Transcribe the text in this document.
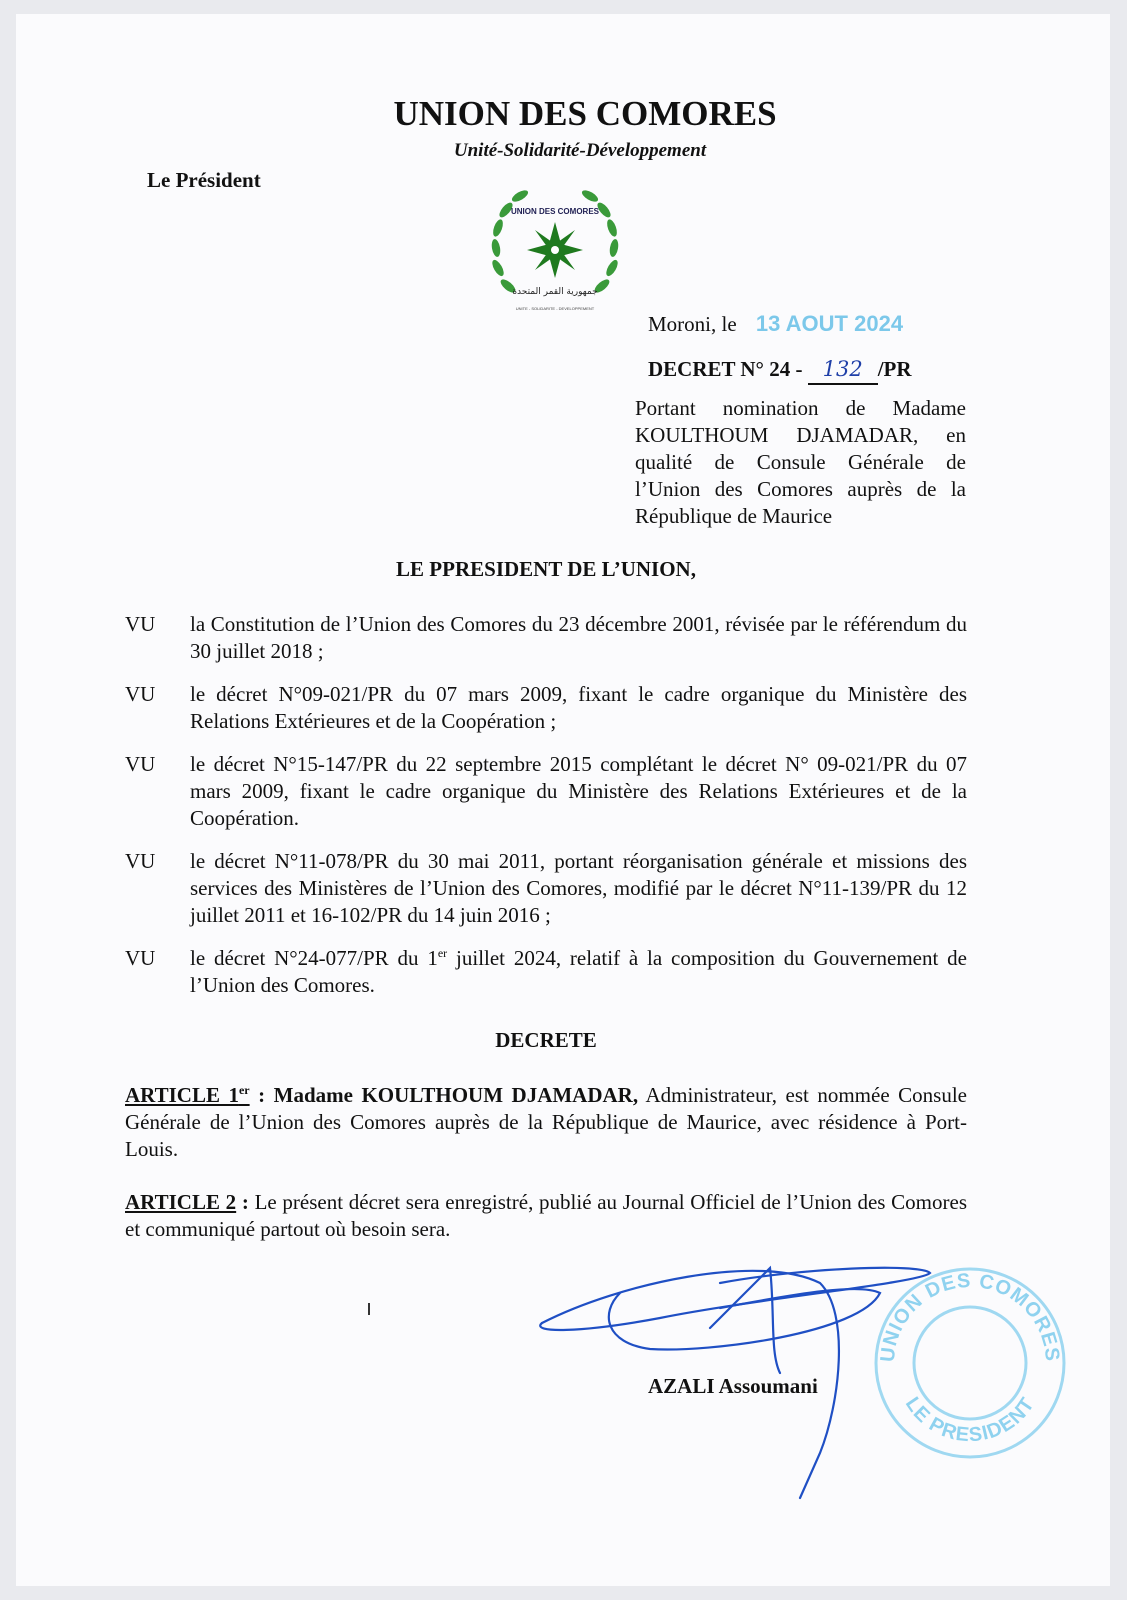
UNION DES COMORES
Unité-Solidarité-Développement
Le Président
UNION DES COMORES
جمهورية القمر المتحدة
UNITE - SOLIDARITE - DEVELOPPEMENT
Moroni, le 13 AOUT 2024
DECRET N° 24 - 132 /PR
Portant nomination de Madame KOULTHOUM DJAMADAR, en qualité de Consule Générale de l’Union des Comores auprès de la République de Maurice
LE PPRESIDENT DE L’UNION,
VU	la Constitution de l’Union des Comores du 23 décembre 2001, révisée par le référendum du 30 juillet 2018 ;
VU	le décret N°09-021/PR du 07 mars 2009, fixant le cadre organique du Ministère des Relations Extérieures et de la Coopération ;
VU	le décret N°15-147/PR du 22 septembre 2015 complétant le décret N° 09-021/PR du 07 mars 2009, fixant le cadre organique du Ministère des Relations Extérieures et de la Coopération.
VU	le décret N°11-078/PR du 30 mai 2011, portant réorganisation générale et missions des services des Ministères de l’Union des Comores, modifié par le décret N°11-139/PR du 12 juillet 2011 et 16-102/PR du 14 juin 2016 ;
VU	le décret N°24-077/PR du 1er juillet 2024, relatif à la composition du Gouvernement de l’Union des Comores.
DECRETE
ARTICLE 1er : Madame KOULTHOUM DJAMADAR, Administrateur, est nommée Consule Générale de l’Union des Comores auprès de la République de Maurice, avec résidence à Port-Louis.
ARTICLE 2 : Le présent décret sera enregistré, publié au Journal Officiel de l’Union des Comores et communiqué partout où besoin sera.
UNION DES COMORES
LE PRESIDENT
AZALI Assoumani
